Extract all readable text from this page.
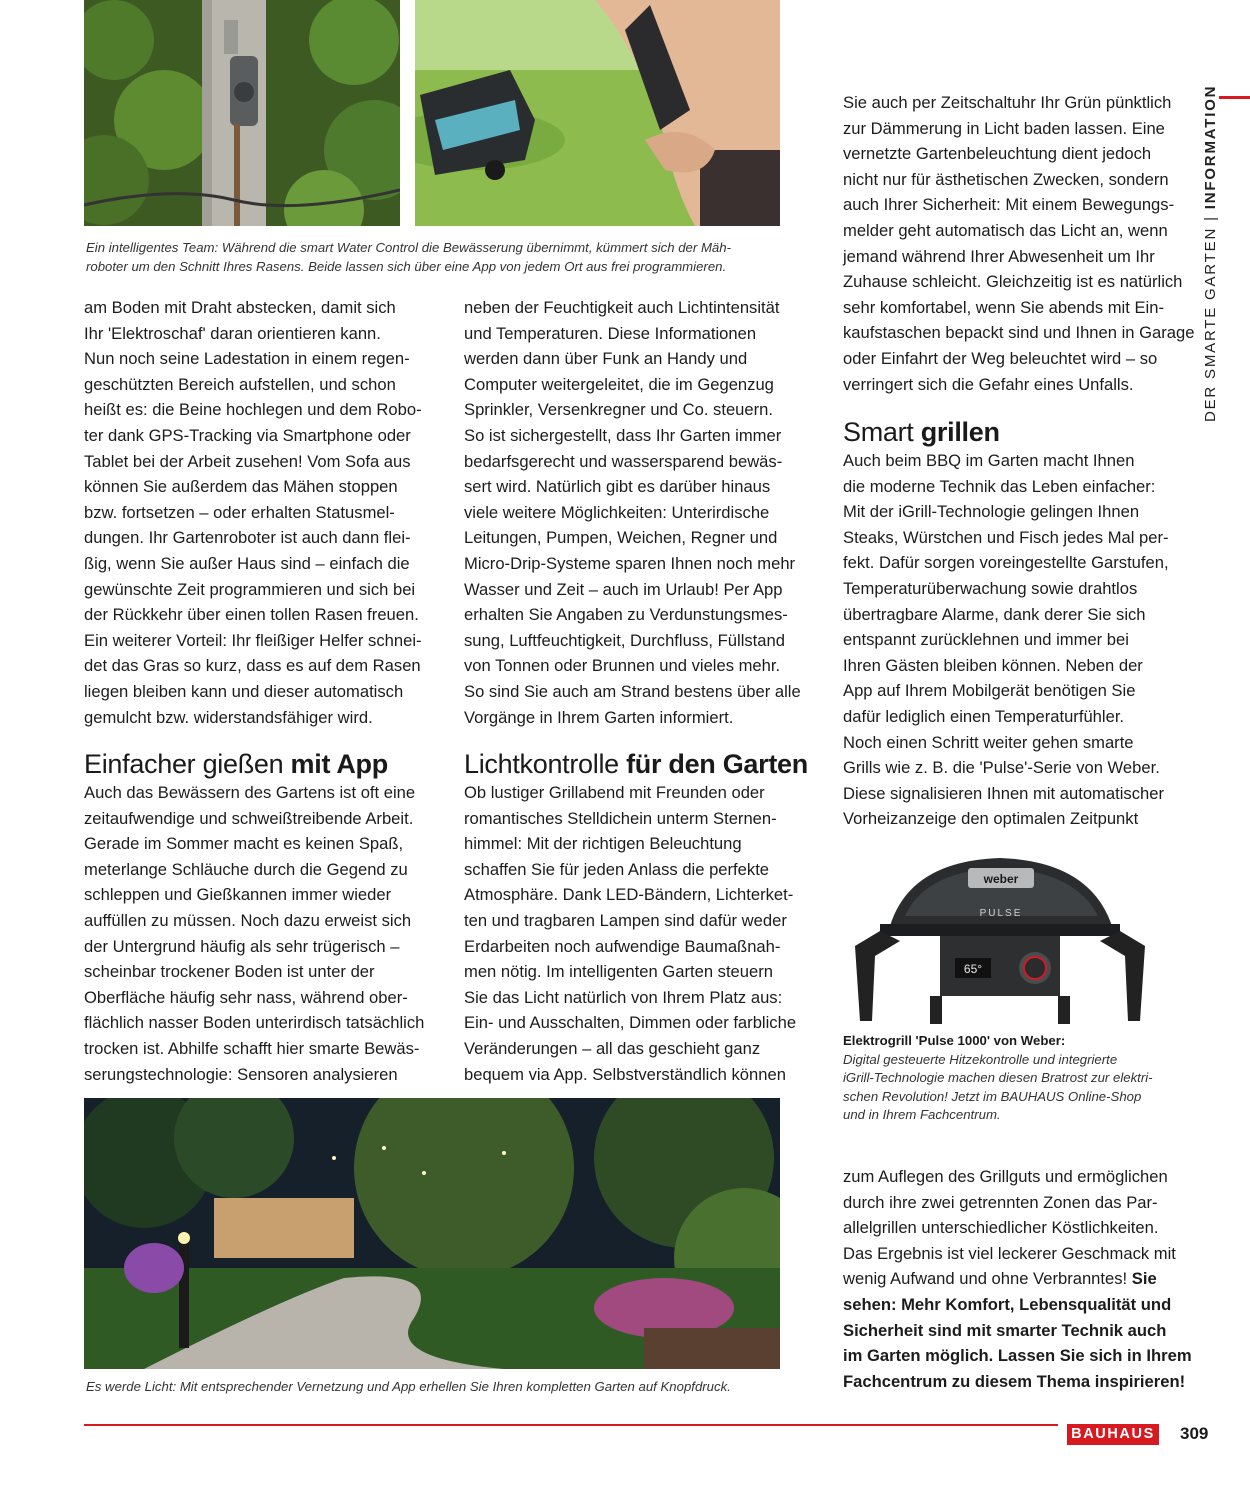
Ein intelligentes Team: Während die smart Water Control die Bewässerung übernimmt, kümmert sich der Mäh-
roboter um den Schnitt Ihres Rasens. Beide lassen sich über eine App von jedem Ort aus frei programmieren.
am Boden mit Draht abstecken, damit sich
Ihr 'Elektroschaf' daran orientieren kann.
Nun noch seine Ladestation in einem regen-
geschützten Bereich aufstellen, und schon
heißt es: die Beine hochlegen und dem Robo-
ter dank GPS-Tracking via Smartphone oder
Tablet bei der Arbeit zusehen! Vom Sofa aus
können Sie außerdem das Mähen stoppen
bzw. fortsetzen – oder erhalten Statusmel-
dungen. Ihr Gartenroboter ist auch dann flei-
ßig, wenn Sie außer Haus sind – einfach die
gewünschte Zeit programmieren und sich bei
der Rückkehr über einen tollen Rasen freuen.
Ein weiterer Vorteil: Ihr fleißiger Helfer schnei-
det das Gras so kurz, dass es auf dem Rasen
liegen bleiben kann und dieser automatisch
gemulcht bzw. widerstandsfähiger wird.
Einfacher gießen mit App
Auch das Bewässern des Gartens ist oft eine
zeitaufwendige und schweißtreibende Arbeit.
Gerade im Sommer macht es keinen Spaß,
meterlange Schläuche durch die Gegend zu
schleppen und Gießkannen immer wieder
auffüllen zu müssen. Noch dazu erweist sich
der Untergrund häufig als sehr trügerisch –
scheinbar trockener Boden ist unter der
Oberfläche häufig sehr nass, während ober-
flächlich nasser Boden unterirdisch tatsächlich
trocken ist. Abhilfe schafft hier smarte Bewäs-
serungstechnologie: Sensoren analysieren
neben der Feuchtigkeit auch Lichtintensität
und Temperaturen. Diese Informationen
werden dann über Funk an Handy und
Computer weitergeleitet, die im Gegenzug
Sprinkler, Versenkregner und Co. steuern.
So ist sichergestellt, dass Ihr Garten immer
bedarfsgerecht und wassersparend bewäs-
sert wird. Natürlich gibt es darüber hinaus
viele weitere Möglichkeiten: Unterirdische
Leitungen, Pumpen, Weichen, Regner und
Micro-Drip-Systeme sparen Ihnen noch mehr
Wasser und Zeit – auch im Urlaub! Per App
erhalten Sie Angaben zu Verdunstungsmes-
sung, Luftfeuchtigkeit, Durchfluss, Füllstand
von Tonnen oder Brunnen und vieles mehr.
So sind Sie auch am Strand bestens über alle
Vorgänge in Ihrem Garten informiert.
Lichtkontrolle für den Garten
Ob lustiger Grillabend mit Freunden oder
romantisches Stelldichein unterm Sternen-
himmel: Mit der richtigen Beleuchtung
schaffen Sie für jeden Anlass die perfekte
Atmosphäre. Dank LED-Bändern, Lichterket-
ten und tragbaren Lampen sind dafür weder
Erdarbeiten noch aufwendige Baumaßnah-
men nötig. Im intelligenten Garten steuern
Sie das Licht natürlich von Ihrem Platz aus:
Ein- und Ausschalten, Dimmen oder farbliche
Veränderungen – all das geschieht ganz
bequem via App. Selbstverständlich können
Es werde Licht: Mit entsprechender Vernetzung und App erhellen Sie Ihren kompletten Garten auf Knopfdruck.
Sie auch per Zeitschaltuhr Ihr Grün pünktlich
zur Dämmerung in Licht baden lassen. Eine
vernetzte Gartenbeleuchtung dient jedoch
nicht nur für ästhetischen Zwecken, sondern
auch Ihrer Sicherheit: Mit einem Bewegungs-
melder geht automatisch das Licht an, wenn
jemand während Ihrer Abwesenheit um Ihr
Zuhause schleicht. Gleichzeitig ist es natürlich
sehr komfortabel, wenn Sie abends mit Ein-
kaufstaschen bepackt sind und Ihnen in Garage
oder Einfahrt der Weg beleuchtet wird – so
verringert sich die Gefahr eines Unfalls.
Smart grillen
Auch beim BBQ im Garten macht Ihnen
die moderne Technik das Leben einfacher:
Mit der iGrill-Technologie gelingen Ihnen
Steaks, Würstchen und Fisch jedes Mal per-
fekt. Dafür sorgen voreingestellte Garstufen,
Temperaturüberwachung sowie drahtlos
übertragbare Alarme, dank derer Sie sich
entspannt zurücklehnen und immer bei
Ihren Gästen bleiben können. Neben der
App auf Ihrem Mobilgerät benötigen Sie
dafür lediglich einen Temperaturfühler.
Noch einen Schritt weiter gehen smarte
Grills wie z. B. die 'Pulse'-Serie von Weber.
Diese signalisieren Ihnen mit automatischer
Vorheizanzeige den optimalen Zeitpunkt
weber
PULSE
65°
Elektrogrill 'Pulse 1000' von Weber:
Digital gesteuerte Hitzekontrolle und integrierte
iGrill-Technologie machen diesen Bratrost zur elektri-
schen Revolution! Jetzt im BAUHAUS Online-Shop
und in Ihrem Fachcentrum.
zum Auflegen des Grillguts und ermöglichen
durch ihre zwei getrennten Zonen das Par-
allelgrillen unterschiedlicher Köstlichkeiten.
Das Ergebnis ist viel leckerer Geschmack mit
wenig Aufwand und ohne Verbranntes! Sie
sehen: Mehr Komfort, Lebensqualität und
Sicherheit sind mit smarter Technik auch
im Garten möglich. Lassen Sie sich in Ihrem
Fachcentrum zu diesem Thema inspirieren!
DER SMARTE GARTEN|INFORMATION
BAUHAUS 309
